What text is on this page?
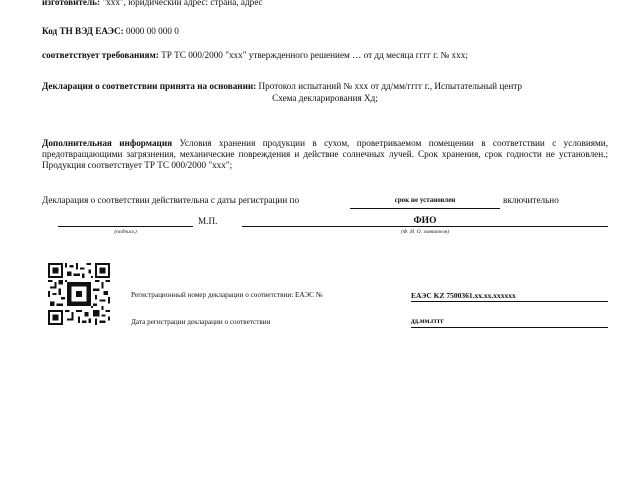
изготовитель: "xxx", юридический адрес: страна, адрес
Код ТН ВЭД ЕАЭС: 0000 00 000 0
соответствует требованиям: ТР ТС 000/2000 "xxx" утвержденного решением … от дд месяца гггг г. № xxx;
Декларация о соответствии принята на основании: Протокол испытаний № xxx от дд/мм/гггг г., Испытательный центр
Схема декларирования Хд;
Дополнительная информация Условия хранения продукции в сухом, проветриваемом помещении в соответствии с условиями, предотвращающими загрязнения, механические повреждения и действие солнечных лучей. Срок хранения, срок годности не установлен.; Продукция соответствует ТР ТС 000/2000 "xxx";
Декларация о соответствии действительна с даты регистрации по	срок не установлен	включительно
(подпись)
М.П.	ФИО
(Ф. И. О. заявителя)
Регистрационный номер декларации о соответствии: ЕАЭС №	ЕАЭС KZ 7500361.хх.хх.хххххх
Дата регистрации декларации о соответствии	дд.мм.гггг
